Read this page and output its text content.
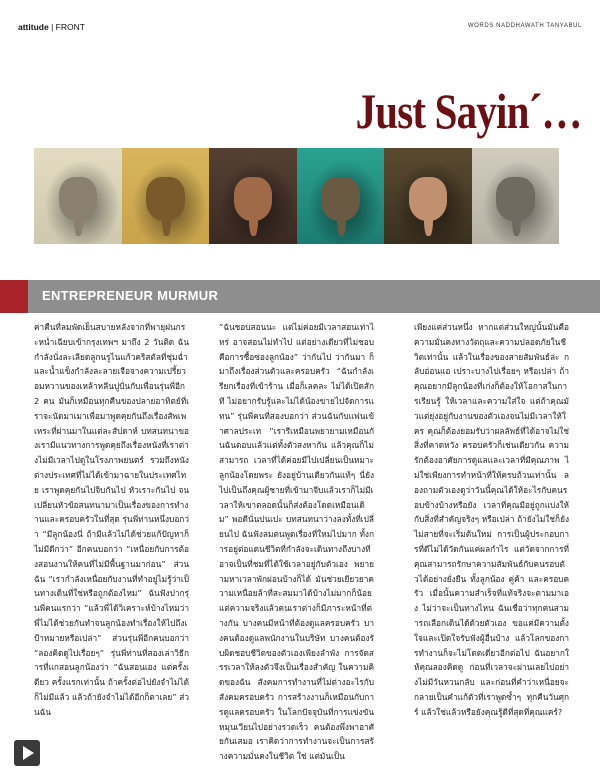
attitude | FRONT	WORDS NADDHAWATH TANYABUL
Just Sayin´…
ENTREPRENEUR MURMUR
ค่าคืนที่ลมพัดเย็นสบายหลังจากที่พายุฝนกระหน่ำเฉียบเข้ากรุงเทพฯ มาถึง 2 วันติด ฉันกำลังนั่งละเลียดลูกนรูไนแก้วคริสตัลที่ชุ่มฉ่ำและน้ำแข็งกำลังละลายเจือจางความเปรี้ยวอมหวานของเหล้าหลีนปูปั่นกับเพื่อนรุ่นพี่อีก 2 คน มันก็เหมือนทุกคืนของปลายอาทิตย์ที่เราจะนัดมาเมาเพื่อมาพูดคุยกันถึงเรื่องสัพเพเหระที่ผ่านมาในแต่ละสัปดาห์ บทสนทนาของเรามีแนวทางการพูดคุยถึงเรื่องหนังที่เราต่างไม่มีเวลาไปดูในโรงภาพยนตร์ รวมถึงหนังต่างประเทศที่ไม่ได้เข้ามาฉายในประเทศไทย เราพูดคุยกันไปจิบกันไป หัวเราะกันไป จนเปลี่ยนหัวข้อสนทนามาเป็นเรื่องของการทำงานและครอบครัวในที่สุด รุ่นพี่ท่านหนึ่งบอกว่า “มีลูกน้องนี่ ถ้ามีแล้วไม่ได้ช่วยแก้ปัญหาก็ไม่มีดีกว่า” อีกคนบอกว่า “เหนื่อยกับการต้องสอนงานให้คนที่ไม่มีพื้นฐานมาก่อน” ส่วนฉัน “เรากำลังเหนื่อยกับงานที่ทำอยู่ไม่รู้ว่าเป็นทางเดินที่ใช่หรือถูกต้องไหม” ฉันฟังปากรุ่นพี่คนแรกว่า “แล้วพี่ได้วิเคราะห์บ้างไหมว่าพี่ไม่ได้ช่วยกันทำจนลูกน้องทำเรื่องให้ไปถึงเป้าหมายหรือเปล่า” ส่วนรุ่นพี่อีกคนบอกว่า “ลองคิดดูไปเรื่อยๆ” รุ่นพี่ท่านที่สองเล่าวิธีการที่แกสอนลูกน้องว่า “ฉันสอนเอง แต่ครั้งเดียว ครั้งแรกเท่านั้น ถ้าครั้งต่อไปยังจำไม่ได้ก็ไม่มีแล้ว แล้วถ้ายังจำไม่ได้อีกก็ตาเลย” ส่วนฉัน
“ฉันชอบสอนนะ แต่ไม่ค่อยมีเวลาสอนเท่าไหร่ อาจสอนไม่ทำไป แต่อย่างเดียวที่ไม่ชอบคือการซื้อซ่องลูกน้อง” ว่ากันไป ว่ากันมา ก็มาถึงเรื่องส่วนตัวและครอบครัว “ฉันกำลังเรียกเรื่องที่เข้าร้าน เมื่อก็เลคละ ไม่ได้เปิดสักที ไม่อยากรับรู้และไม่ได้น้องขายไปจัดการแทน” รุ่นพี่คนที่สองบอกว่า ส่วนฉันกับแฟนเข้าศาลประเท “เรารีเหมือนพยายามเหมือนกันฉันตอบแล้วแต่ทั้งตัวสงหากัน แล้วคุณก็ไม่สามารถ เวลาที่ได้ค่อยมีไปเปลี่ยนเป็นหมาะลูกน้องโดยพระ ยังอยู่บ้านเดียวกันแท้ๆ นี่ยังไปเป็นถึงคุณผู้ชายที่เข้ามาจีบแล้วเราก็ไม่มีเวลาให้เขาตลอดนั้นก็ส่งต้องโดดเหมือนเดิม” พอดีนั่นปนเปะ บทสนทนาว่างลงทั้งที่เปลี่ยนไป ฉันฟังลมตนพูดเรื่องที่ใหม่ไปมาก ทั้งการอยู่ต่อแดนชีวิตที่กำลังจะเดินทางถึงบางทีอาจเป็นที่ชมที่ได้ใช้เวลาอยู่กับตัวเอง พยายามหาเวลาพักผ่อนบ้างก็ได้ มันช่วยเยียวยาความเหนื่อยล้าที่สะสมมาได้บ้างไม่มากก็น้อย แต่ความจริงแล้วคนเราต่างก็มีภาระหน้าที่ต่างกัน บางคนมีหน้าที่ต้องดูแลครอบครัว บางคนต้องดูแลพนักงานในบริษัท บางคนต้องรับผิดชอบชีวิตของตัวเองเพียงลำพัง การจัดสรรเวลาให้ลงตัวจึงเป็นเรื่องสำคัญ ในความคิดของฉัน สังคมการทำงานที่ไม่ต่างอะไรกับสังคมครอบครัว การสร้างงานก็เหมือนกับการดูแลครอบครัว ในโลกปัจจุบันที่การแข่งขันหมุนเวียนไปอย่างรวดเร็ว คนต้องพึ่งพาอาศัยกันเสมอ เราคิดว่าการทำงานจะเป็นการสร้างความมั่นคงในชีวิต ใช่ แต่มันเป็น
เพียงแค่ส่วนหนึ่ง หากแต่ส่วนใหญ่นั้นมันคือความมั่นคงทางวัตถุและความปลอดภัยในชีวิตเท่านั้น แล้วในเรื่องของสายสัมพันธ์ล่ะ กลับอ่อนแอ เปราะบางไปเรื่อยๆ หรือเปล่า ถ้าคุณอยากมีลูกน้องที่เก่งก็ต้องให้โอกาสในการเรียนรู้ ให้เวลาและความใส่ใจ แต่ถ้าคุณมัวแต่ยุ่งอยู่กับงานของตัวเองจนไม่มีเวลาให้ใคร คุณก็ต้องยอมรับว่าผลลัพธ์ที่ได้อาจไม่ใช่สิ่งที่คาดหวัง ครอบครัวก็เช่นเดียวกัน ความรักต้องอาศัยการดูแลและเวลาที่มีคุณภาพ ไม่ใช่เพียงการทำหน้าที่ให้ครบถ้วนเท่านั้น ลองถามตัวเองดูว่าวันนี้คุณได้ให้อะไรกับคนรอบข้างบ้างหรือยัง เวลาที่คุณมีอยู่ถูกแบ่งให้กับสิ่งที่สำคัญจริงๆ หรือเปล่า ถ้ายังไม่ใช่ก็ยังไม่สายที่จะเริ่มต้นใหม่ การเป็นผู้ประกอบการที่ดีไม่ได้วัดกันแค่ผลกำไร แต่วัดจากการที่คุณสามารถรักษาความสัมพันธ์กับคนรอบตัวได้อย่างยั่งยืน ทั้งลูกน้อง คู่ค้า และครอบครัว เมื่อนั้นความสำเร็จที่แท้จริงจะตามมาเอง ไม่ว่าจะเป็นทางไหน ฉันเชื่อว่าทุกคนสามารถเลือกเดินได้ด้วยตัวเอง ขอแค่มีความตั้งใจและเปิดใจรับฟังผู้อื่นบ้าง แล้วโลกของการทำงานก็จะไม่โดดเดี่ยวอีกต่อไป ฉันอยากให้คุณลองคิดดู ก่อนที่เวลาจะผ่านเลยไปอย่างไม่มีวันหวนกลับ และก่อนที่คำว่าเหนื่อยจะกลายเป็นคำแก้ตัวที่เราพูดซ้ำๆ ทุกคืนวันศุกร์ แล้วใช่แล้วหรือยังคุณรู้ดีที่สุดที่คุณแคร์?
